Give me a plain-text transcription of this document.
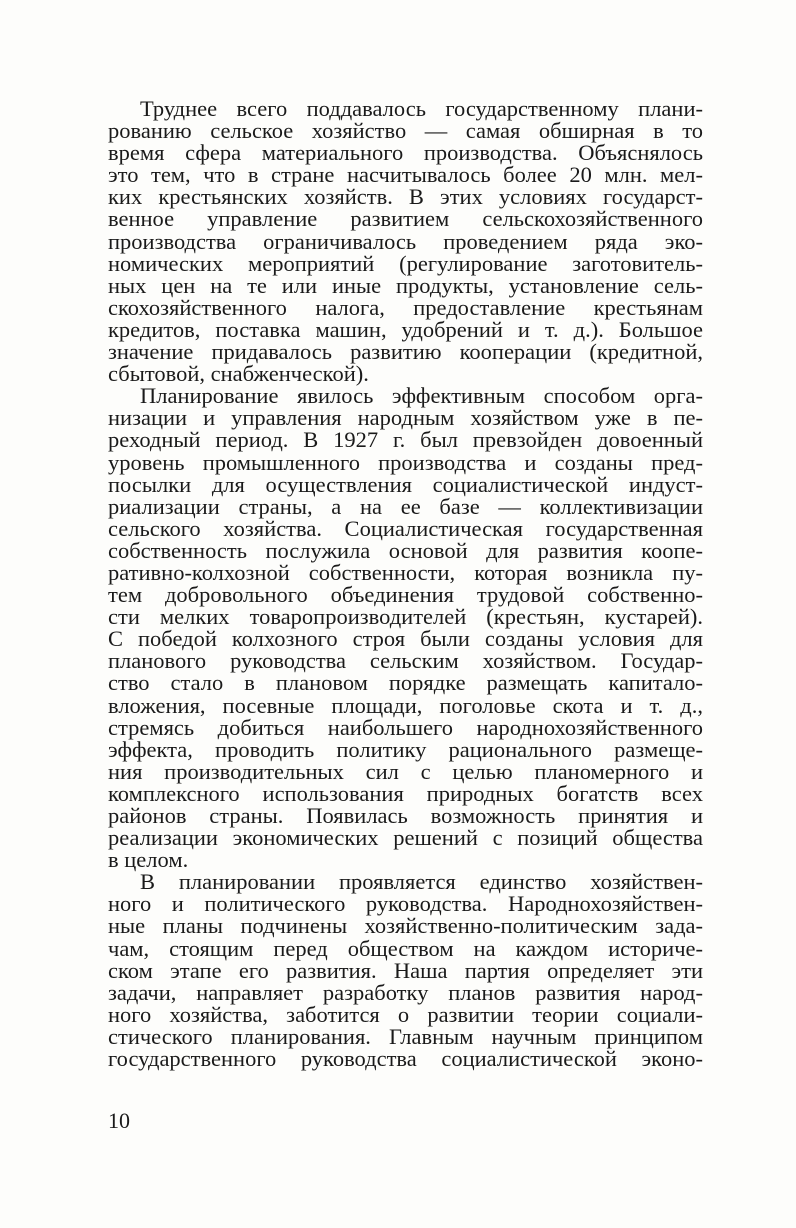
Труднее всего поддавалось государственному плани-
рованию сельское хозяйство — самая обширная в то
время сфера материального производства. Объяснялось
это тем, что в стране насчитывалось более 20 млн. мел-
ких крестьянских хозяйств. В этих условиях государст-
венное управление развитием сельскохозяйственного
производства ограничивалось проведением ряда эко-
номических мероприятий (регулирование заготовитель-
ных цен на те или иные продукты, установление сель-
скохозяйственного налога, предоставление крестьянам
кредитов, поставка машин, удобрений и т. д.). Большое
значение придавалось развитию кооперации (кредитной,
сбытовой, снабженческой).
Планирование явилось эффективным способом орга-
низации и управления народным хозяйством уже в пе-
реходный период. В 1927 г. был превзойден довоенный
уровень промышленного производства и созданы пред-
посылки для осуществления социалистической индуст-
риализации страны, а на ее базе — коллективизации
сельского хозяйства. Социалистическая государственная
собственность послужила основой для развития коопе-
ративно-колхозной собственности, которая возникла пу-
тем добровольного объединения трудовой собственно-
сти мелких товаропроизводителей (крестьян, кустарей).
С победой колхозного строя были созданы условия для
планового руководства сельским хозяйством. Государ-
ство стало в плановом порядке размещать капитало-
вложения, посевные площади, поголовье скота и т. д.,
стремясь добиться наибольшего народнохозяйственного
эффекта, проводить политику рационального размеще-
ния производительных сил с целью планомерного и
комплексного использования природных богатств всех
районов страны. Появилась возможность принятия и
реализации экономических решений с позиций общества
в целом.
В планировании проявляется единство хозяйствен-
ного и политического руководства. Народнохозяйствен-
ные планы подчинены хозяйственно-политическим зада-
чам, стоящим перед обществом на каждом историче-
ском этапе его развития. Наша партия определяет эти
задачи, направляет разработку планов развития народ-
ного хозяйства, заботится о развитии теории социали-
стического планирования. Главным научным принципом
государственного руководства социалистической эконо-
10
